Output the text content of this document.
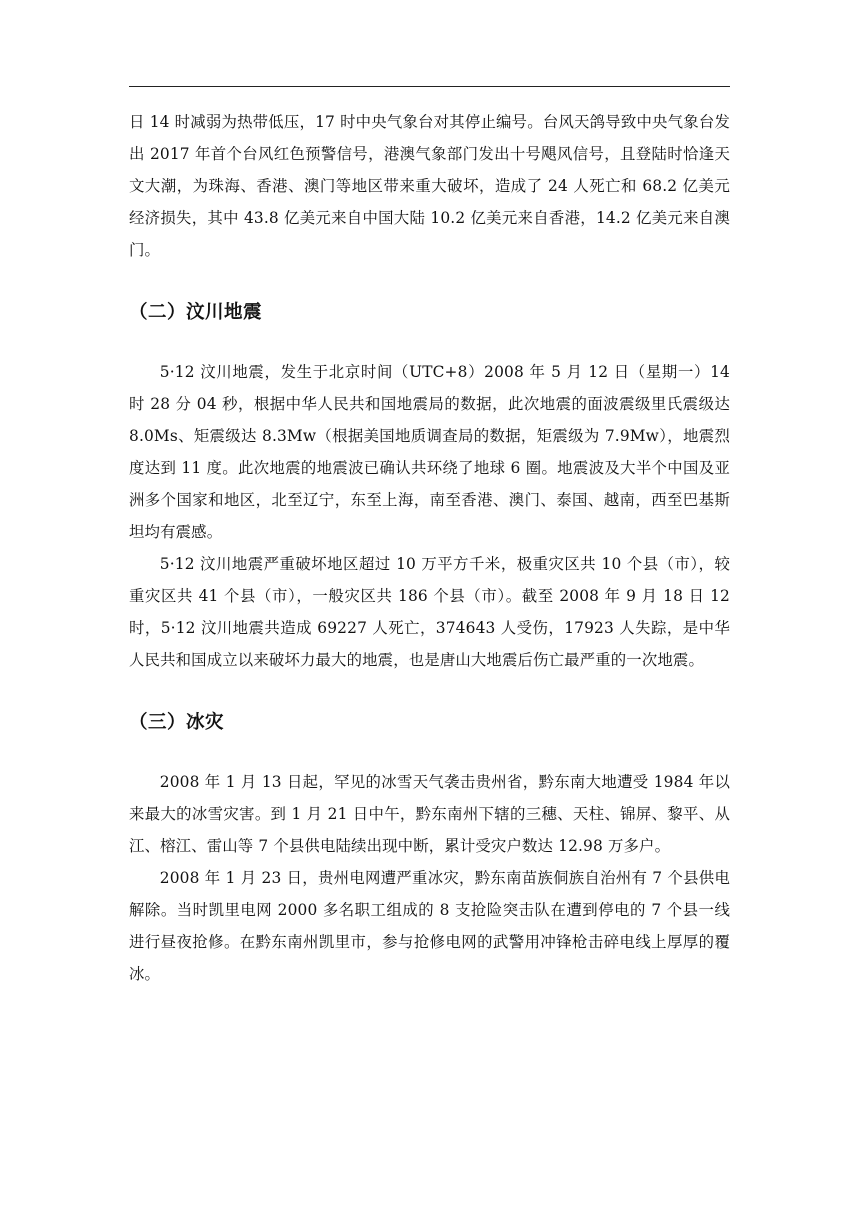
日 14 时减弱为热带低压，17 时中央气象台对其停止编号。台风天鸽导致中央气象台发出 2017 年首个台风红色预警信号，港澳气象部门发出十号飓风信号，且登陆时恰逢天文大潮，为珠海、香港、澳门等地区带来重大破坏，造成了 24 人死亡和 68.2 亿美元经济损失，其中 43.8 亿美元来自中国大陆 10.2 亿美元来自香港，14.2 亿美元来自澳门。

（二）汶川地震

5·12 汶川地震，发生于北京时间（UTC+8）2008 年 5 月 12 日（星期一）14 时 28 分 04 秒，根据中华人民共和国地震局的数据，此次地震的面波震级里氏震级达 8.0Ms、矩震级达 8.3Mw（根据美国地质调查局的数据，矩震级为 7.9Mw），地震烈度达到 11 度。此次地震的地震波已确认共环绕了地球 6 圈。地震波及大半个中国及亚洲多个国家和地区，北至辽宁，东至上海，南至香港、澳门、泰国、越南，西至巴基斯坦均有震感。

5·12 汶川地震严重破坏地区超过 10 万平方千米，极重灾区共 10 个县（市），较重灾区共 41 个县（市），一般灾区共 186 个县（市）。截至 2008 年 9 月 18 日 12 时，5·12 汶川地震共造成 69227 人死亡，374643 人受伤，17923 人失踪，是中华人民共和国成立以来破坏力最大的地震，也是唐山大地震后伤亡最严重的一次地震。

（三）冰灾

2008 年 1 月 13 日起，罕见的冰雪天气袭击贵州省，黔东南大地遭受 1984 年以来最大的冰雪灾害。到 1 月 21 日中午，黔东南州下辖的三穗、天柱、锦屏、黎平、从江、榕江、雷山等 7 个县供电陆续出现中断，累计受灾户数达 12.98 万多户。

2008 年 1 月 23 日，贵州电网遭严重冰灾，黔东南苗族侗族自治州有 7 个县供电解除。当时凯里电网 2000 多名职工组成的 8 支抢险突击队在遭到停电的 7 个县一线进行昼夜抢修。在黔东南州凯里市，参与抢修电网的武警用冲锋枪击碎电线上厚厚的覆冰。
